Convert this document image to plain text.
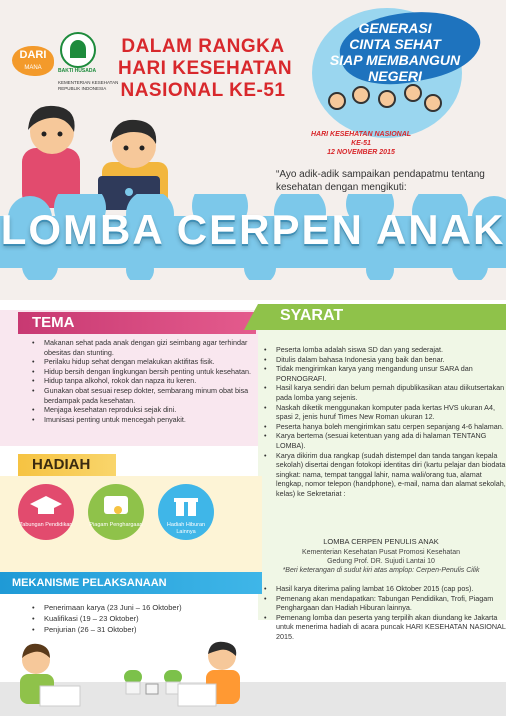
DARI
MANA	BAKTI HUSADA
KEMENTERIAN KESEHATAN REPUBLIK INDONESIA
DALAM RANGKA
HARI KESEHATAN
NASIONAL KE-51
GENERASI
CINTA SEHAT
SIAP MEMBANGUN
NEGERI
HARI KESEHATAN NASIONAL KE-51
12 NOVEMBER 2015
“Ayo adik-adik sampaikan pendapatmu tentang kesehatan dengan mengikuti:
LOMBA CERPEN ANAK
TEMA
• Makanan sehat pada anak dengan gizi seimbang agar terhindar obesitas dan stunting.
• Perilaku hidup sehat dengan melakukan aktifitas fisik.
• Hidup bersih dengan lingkungan bersih penting untuk kesehatan.
• Hidup tanpa alkohol, rokok dan napza itu keren.
• Gunakan obat sesuai resep dokter, sembarang minum obat bisa berdampak pada kesehatan.
• Menjaga kesehatan reproduksi sejak dini.
• Imunisasi penting untuk mencegah penyakit.
SYARAT
• Peserta lomba adalah siswa SD dan yang sederajat.
• Ditulis dalam bahasa Indonesia yang baik dan benar.
• Tidak mengirimkan karya yang mengandung unsur SARA dan PORNOGRAFI.
• Hasil karya sendiri dan belum pernah dipublikasikan atau diikutsertakan pada lomba yang sejenis.
• Naskah diketik menggunakan komputer pada kertas HVS ukuran A4, spasi 2, jenis huruf Times New Roman ukuran 12.
• Peserta hanya boleh mengirimkan satu cerpen sepanjang 4-6 halaman.
• Karya bertema (sesuai ketentuan yang ada di halaman TENTANG LOMBA).
• Karya dikirim dua rangkap (sudah distempel dan tanda tangan kepala sekolah) disertai dengan fotokopi identitas diri (kartu pelajar dan biodata singkat: nama, tempat tanggal lahir, nama wali/orang tua, alamat lengkap, nomor telepon (handphone), e-mail, nama dan alamat sekolah, kelas) ke Sekretariat :
LOMBA CERPEN PENULIS ANAK
Kementerian Kesehatan Pusat Promosi Kesehatan
Gedung Prof. DR. Sujudi Lantai 10
*Beri keterangan di sudut kiri atas amplop: Cerpen-Penulis Cilik
• Hasil karya diterima paling lambat 16 Oktober 2015 (cap pos).
• Pemenang akan mendapatkan: Tabungan Pendidikan, Trofi, Piagam Penghargaan dan Hadiah Hiburan lainnya.
• Pemenang lomba dan peserta yang terpilih akan diundang ke Jakarta untuk menerima hadiah di acara puncak HARI KESEHATAN NASIONAL 2015.
HADIAH
Tabungan Pendidikan	Piagam Penghargaan	Hadiah Hiburan Lainnya
MEKANISME PELAKSANAAN
• Penerimaan karya (23 Juni – 16 Oktober)
• Kualifikasi (19 – 23 Oktober)
• Penjurian (26 – 31 Oktober)
